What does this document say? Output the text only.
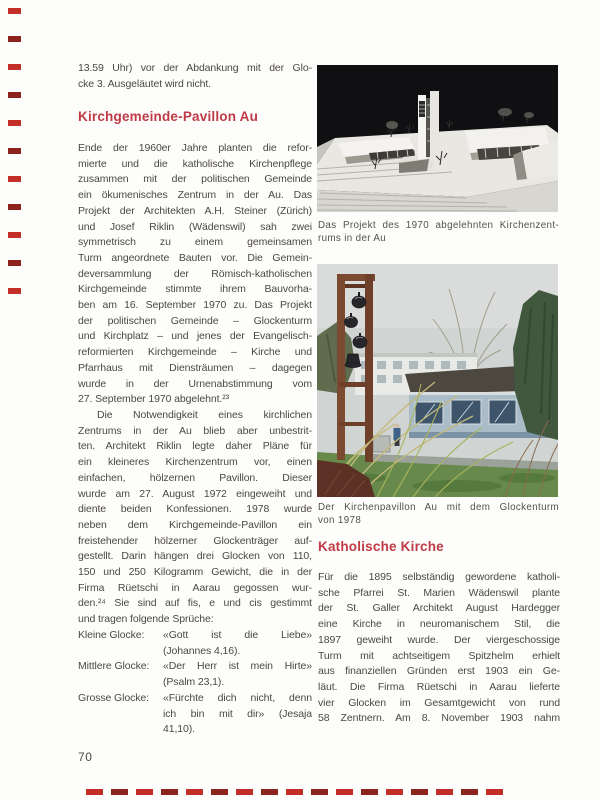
13.59 Uhr) vor der Abdankung mit der Glo-
cke 3. Ausgeläutet wird nicht.
Kirchgemeinde-Pavillon Au
Ende der 1960er Jahre planten die refor-
mierte und die katholische Kirchenpflege
zusammen mit der politischen Gemeinde
ein ökumenisches Zentrum in der Au. Das
Projekt der Architekten A.H. Steiner (Zürich)
und Josef Riklin (Wädenswil) sah zwei
symmetrisch zu einem gemeinsamen
Turm angeordnete Bauten vor. Die Gemein-
deversammlung der Römisch-katholischen
Kirchgemeinde stimmte ihrem Bauvorha-
ben am 16. September 1970 zu. Das Projekt
der politischen Gemeinde – Glockenturm
und Kirchplatz – und jenes der Evangelisch-
reformierten Kirchgemeinde – Kirche und
Pfarrhaus mit Diensträumen – dagegen
wurde in der Urnenabstimmung vom
27. September 1970 abgelehnt.²³
Die Notwendigkeit eines kirchlichen
Zentrums in der Au blieb aber unbestrit-
ten. Architekt Riklin legte daher Pläne für
ein kleineres Kirchenzentrum vor, einen
einfachen, hölzernen Pavillon. Dieser
wurde am 27. August 1972 eingeweiht und
diente beiden Konfessionen. 1978 wurde
neben dem Kirchgemeinde-Pavillon ein
freistehender hölzerner Glockenträger auf-
gestellt. Darin hängen drei Glocken von 110,
150 und 250 Kilogramm Gewicht, die in der
Firma Rüetschi in Aarau gegossen wur-
den.²⁴ Sie sind auf fis, e und cis gestimmt
und tragen folgende Sprüche:
Kleine Glocke:	«Gott ist die Liebe»
(Johannes 4,16).
Mittlere Glocke:	«Der Herr ist mein Hirte»
(Psalm 23,1).
Grosse Glocke:	«Fürchte dich nicht, denn
ich bin mit dir» (Jesaja
41,10).
70
Das Projekt des 1970 abgelehnten Kirchenzent-
rums in der Au
Der Kirchenpavillon Au mit dem Glockenturm
von 1978
Katholische Kirche
Für die 1895 selbständig gewordene katholi-
sche Pfarrei St. Marien Wädenswil plante
der St. Galler Architekt August Hardegger
eine Kirche in neuromanischem Stil, die
1897 geweiht wurde. Der viergeschossige
Turm mit achtseitigem Spitzhelm erhielt
aus finanziellen Gründen erst 1903 ein Ge-
läut. Die Firma Rüetschi in Aarau lieferte
vier Glocken im Gesamtgewicht von rund
58 Zentnern. Am 8. November 1903 nahm
